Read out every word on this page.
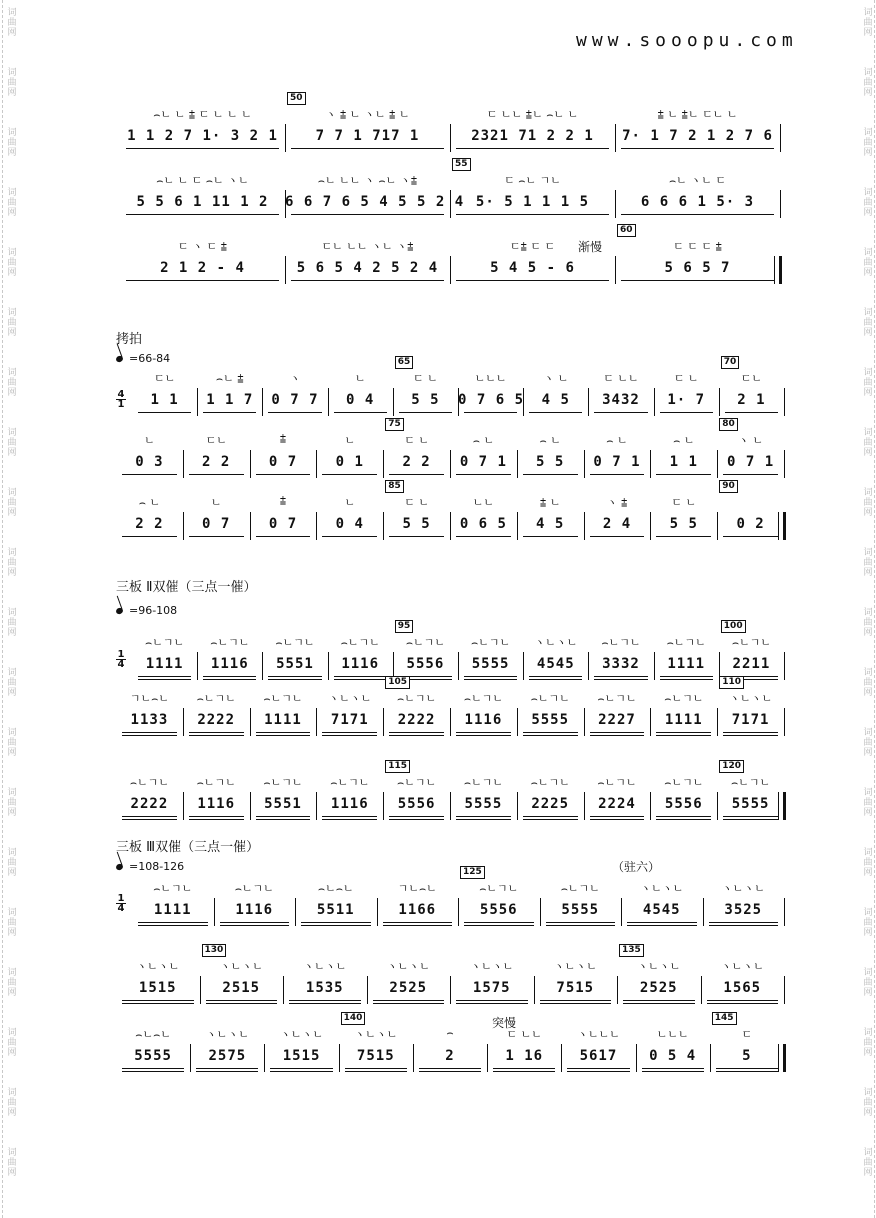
www.sooopu.com
⌢ㄴ ㄴ ⩲ ㄷ ㄴ ㄴ ㄴ
1 1 2 7 1· 3 2 1
ヽ ⩲ ㄴ ヽㄴ ⩲ ㄴ
7 7 1 717 1
50
ㄷ ㄴㄴ ⩲ㄴ ⌢ㄴ ㄴ
2321 71 2 2 1
⩲ ㄴ ⩲ㄴ ㄷㄴ ㄴ
7· 1 7 2 1 2 7 6
⌢ㄴ ㄴ ㄷ ⌢ㄴ ヽㄴ
5 5 6 1 11 1 2
⌢ㄴ ㄴㄴ ヽ ⌢ㄴ ヽ⩲
6 6 7 6 5 4 5 5 2 4
ㄷ ⌢ㄴ ㄱㄴ
5· 5 1 1 1 5
55
⌢ㄴ ヽㄴ ㄷ
6 6 6 1 5· 3
ㄷ ヽ ㄷ ⩲
2 1 2 - 4
ㄷㄴ ㄴㄴ ヽㄴ ヽ⩲
5 6 5 4 2 5 2 4
ㄷ⩲ ㄷ ㄷ
5 4 5 - 6
ㄷ ㄷ ㄷ ⩲
5 6 5 7
60
ㄷㄴ
1 1
⌢ㄴ ⩲
1 1 7
ヽ
0 7 7
ㄴ
0 4
ㄷ ㄴ
5 5
65
ㄴㄴㄴ
0 7 6 5
ヽ ㄴ
4 5
ㄷ ㄴㄴ
3432
ㄷ ㄴ
1· 7
ㄷㄴ
2 1
70
ㄴ
0 3
ㄷㄴ
2 2
⩲
0 7
ㄴ
0 1
ㄷ ㄴ
2 2
75
⌢ ㄴ
0 7 1
⌢ ㄴ
5 5
⌢ ㄴ
0 7 1
⌢ ㄴ
1 1
ヽ ㄴ
0 7 1
80
⌢ ㄴ
2 2
ㄴ
0 7
⩲
0 7
ㄴ
0 4
ㄷ ㄴ
5 5
85
ㄴㄴ
0 6 5
⩲ ㄴ
4 5
ヽ ⩲
2 4
ㄷ ㄴ
5 5	0 2
90
⌢ㄴㄱㄴ
1111
⌢ㄴㄱㄴ
1116
⌢ㄴㄱㄴ
5551
⌢ㄴㄱㄴ
1116
⌢ㄴㄱㄴ
5556
95
⌢ㄴㄱㄴ
5555
ヽㄴヽㄴ
4545
⌢ㄴㄱㄴ
3332
⌢ㄴㄱㄴ
1111
⌢ㄴㄱㄴ
2211
100
ㄱㄴ⌢ㄴ
1133
⌢ㄴㄱㄴ
2222
⌢ㄴㄱㄴ
1111
ヽㄴヽㄴ
7171
⌢ㄴㄱㄴ
2222
105
⌢ㄴㄱㄴ
1116
⌢ㄴㄱㄴ
5555
⌢ㄴㄱㄴ
2227
⌢ㄴㄱㄴ
1111
ヽㄴヽㄴ
7171
110
⌢ㄴㄱㄴ
2222
⌢ㄴㄱㄴ
1116
⌢ㄴㄱㄴ
5551
⌢ㄴㄱㄴ
1116
⌢ㄴㄱㄴ
5556
115
⌢ㄴㄱㄴ
5555
⌢ㄴㄱㄴ
2225
⌢ㄴㄱㄴ
2224
⌢ㄴㄱㄴ
5556
⌢ㄴㄱㄴ
5555
120
⌢ㄴㄱㄴ
1111
⌢ㄴㄱㄴ
1116
⌢ㄴ⌢ㄴ
5511
ㄱㄴ⌢ㄴ
1166
⌢ㄴㄱㄴ
5556
125
⌢ㄴㄱㄴ
5555
ヽㄴヽㄴ
4545
ヽㄴヽㄴ
3525
ヽㄴヽㄴ
1515
ヽㄴヽㄴ
2515
130
ヽㄴヽㄴ
1535
ヽㄴヽㄴ
2525
ヽㄴヽㄴ
1575
ヽㄴヽㄴ
7515
ヽㄴヽㄴ
2525
135
ヽㄴヽㄴ
1565
⌢ㄴ⌢ㄴ
5555
ヽㄴヽㄴ
2575
ヽㄴヽㄴ
1515
ヽㄴヽㄴ
7515
140
⌢
2
ㄷ ㄴㄴ
1 16
ヽㄴㄴㄴ
5617
ㄴㄴㄴ
0 5 4
ㄷ
5
145
拷拍
=66-84
三板 Ⅱ双催（三点一催）
=96-108
三板 Ⅲ双催（三点一催）
=108-126
渐慢
（驻六）
突慢
4
1
1
4
1
4
词
曲
网
词
曲
网
词
曲
网
词
曲
网
词
曲
网
词
曲
网
词
曲
网
词
曲
网
词
曲
网
词
曲
网
词
曲
网
词
曲
网
词
曲
网
词
曲
网
词
曲
网
词
曲
网
词
曲
网
词
曲
网
词
曲
网
词
曲
网
词
曲
网
词
曲
网
词
曲
网
词
曲
网
词
曲
网
词
曲
网
词
曲
网
词
曲
网
词
曲
网
词
曲
网
词
曲
网
词
曲
网
词
曲
网
词
曲
网
词
曲
网
词
曲
网
词
曲
网
词
曲
网
词
曲
网
词
曲
网
